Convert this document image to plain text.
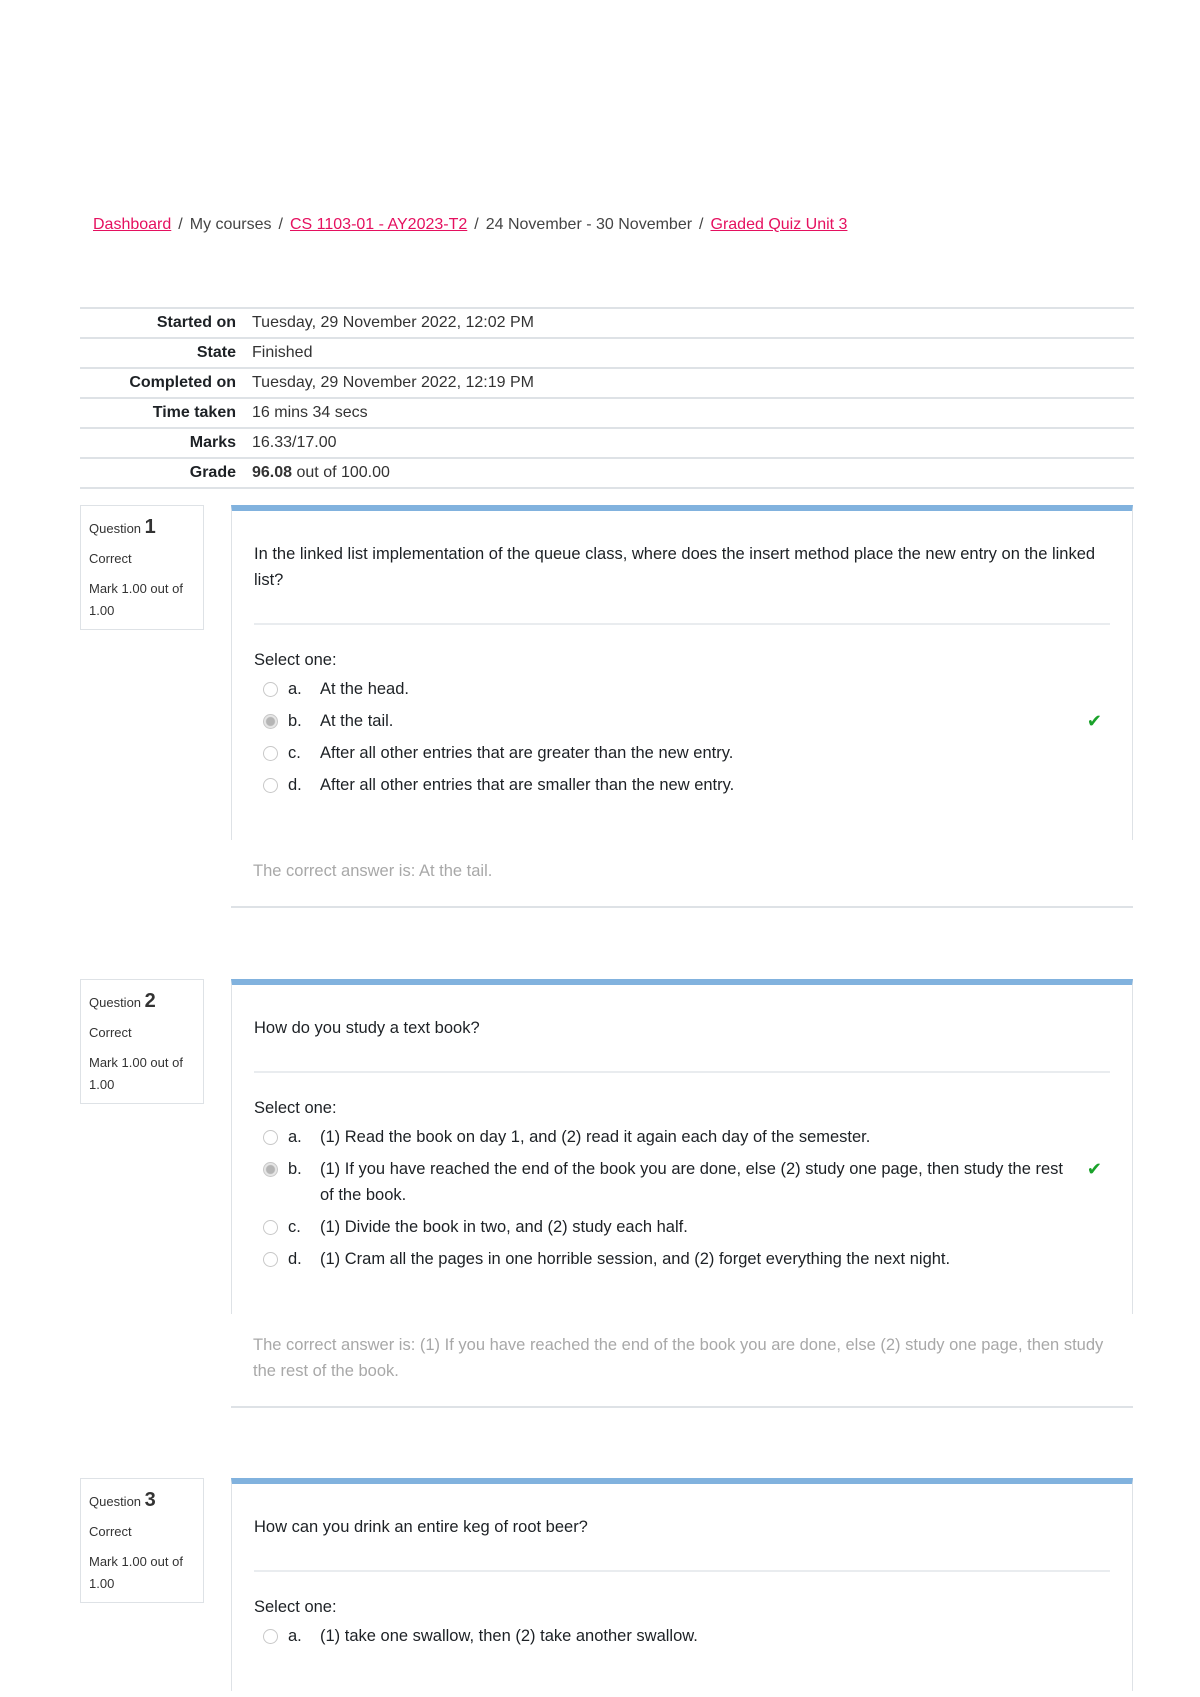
Dashboard / My courses / CS 1103-01 - AY2023-T2 / 24 November - 30 November / Graded Quiz Unit 3
Started on	Tuesday, 29 November 2022, 12:02 PM
State	Finished
Completed on	Tuesday, 29 November 2022, 12:19 PM
Time taken	16 mins 34 secs
Marks	16.33/17.00
Grade	96.08 out of 100.00
Question 1
Correct
Mark 1.00 out of 1.00
In the linked list implementation of the queue class, where does the insert method place the new entry on the linked list?
Select one:
a.	At the head.
b.	At the tail.	✔
c.	After all other entries that are greater than the new entry.
d.	After all other entries that are smaller than the new entry.
The correct answer is: At the tail.
Question 2
Correct
Mark 1.00 out of 1.00
How do you study a text book?
Select one:
a.	(1) Read the book on day 1, and (2) read it again each day of the semester.
b.	(1) If you have reached the end of the book you are done, else (2) study one page, then study the rest of the book.
✔
c.	(1) Divide the book in two, and (2) study each half.
d.	(1) Cram all the pages in one horrible session, and (2) forget everything the next night.
The correct answer is: (1) If you have reached the end of the book you are done, else (2) study one page, then study the rest of the book.
Question 3
Correct
Mark 1.00 out of 1.00
How can you drink an entire keg of root beer?
Select one:
a.	(1) take one swallow, then (2) take another swallow.
